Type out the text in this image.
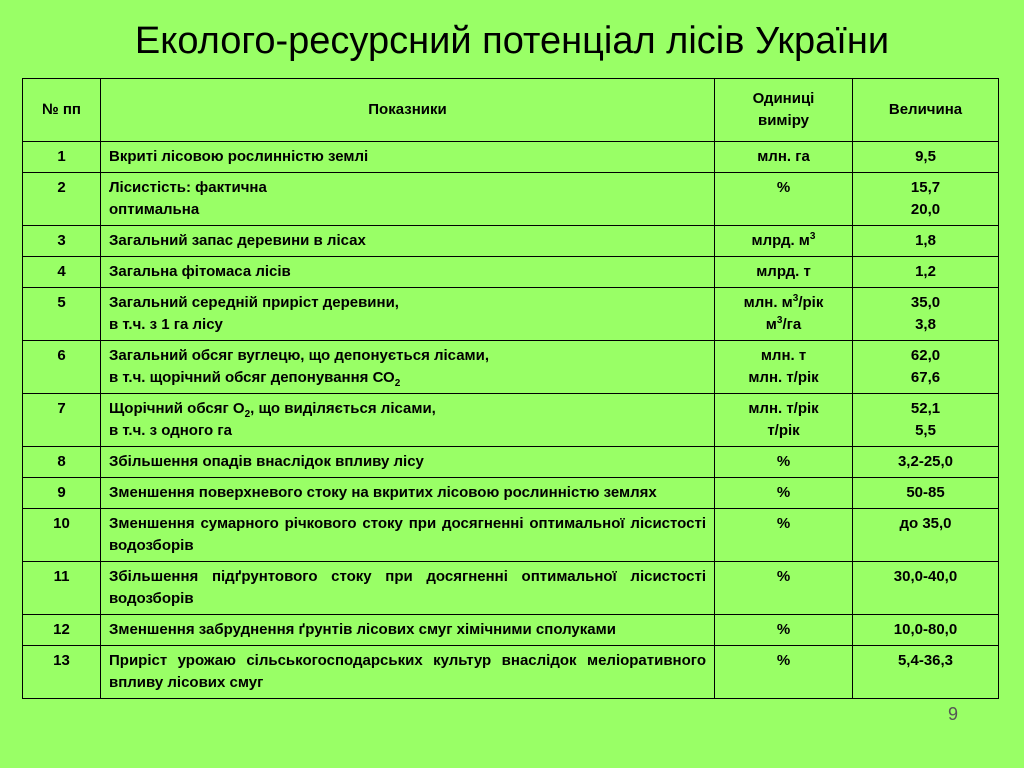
Еколого-ресурсний потенціал лісів України
№ пп	Показники	Одиниці
виміру	Величина
1	Вкриті лісовою рослинністю землі	млн. га	9,5
2	Лісистість: фактична
оптимальна	%	15,7
20,0

3	Загальний запас деревини в лісах	млрд. $м^3$	1,8
4	Загальна фітомаса лісів	млрд. т	1,2
5	Загальний середній приріст деревини,
в т.ч. з 1 га лісу	млн. $м^3$/рік
$м^3/га$	35,0
3,8

6	Загальний обсяг вуглецю, що депонується лісами,
в т.ч. щорічний обсяг депонування $СО_2$	млн. т
млн. т/рік	62,0
67,6

7	Щорічний обсяг $О_2$, що виділяється лісами,
в т.ч. з одного га	млн. т/рік
т/рік	52,1
5,5

8	Збільшення опадів внаслідок впливу лісу	%	3,2-25,0
9	Зменшення поверхневого стоку на вкритих лісовою рослинністю землях	%	50-85
10	Зменшення сумарного річкового стоку при досягненні оптимальної лісистості водозборів	%	до 35,0
11	Збільшення підґрунтового стоку при досягненні оптимальної лісистості водозборів	%	30,0-40,0
12	Зменшення забруднення ґрунтів лісових смуг хімічними сполуками	%	10,0-80,0
13	Приріст урожаю сільськогосподарських культур внаслідок меліоративного впливу лісових смуг	%	5,4-36,3
9
